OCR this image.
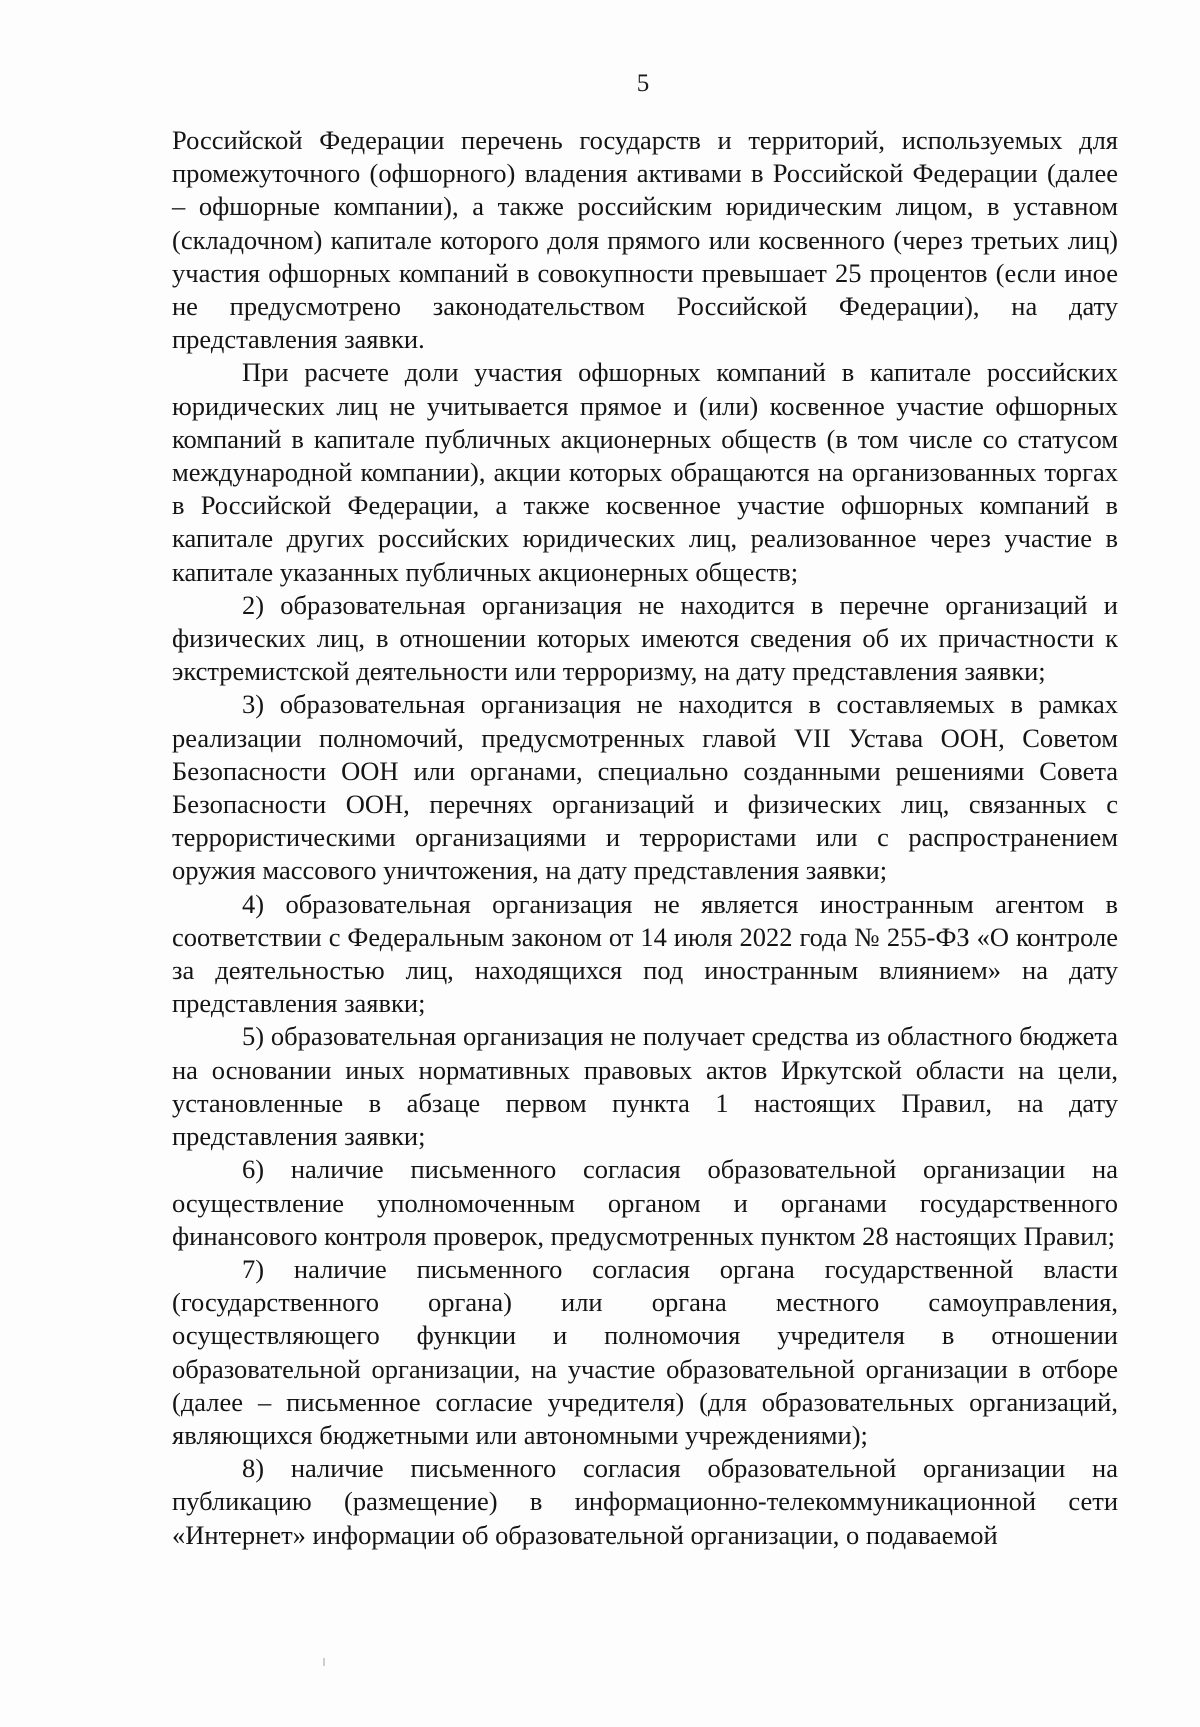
5

Российской Федерации перечень государств и территорий, используемых для промежуточного (офшорного) владения активами в Российской Федерации (далее – офшорные компании), а также российским юридическим лицом, в уставном (складочном) капитале которого доля прямого или косвенного (через третьих лиц) участия офшорных компаний в совокупности превышает 25 процентов (если иное не предусмотрено законодательством Российской Федерации), на дату представления заявки.

При расчете доли участия офшорных компаний в капитале российских юридических лиц не учитывается прямое и (или) косвенное участие офшорных компаний в капитале публичных акционерных обществ (в том числе со статусом международной компании), акции которых обращаются на организованных торгах в Российской Федерации, а также косвенное участие офшорных компаний в капитале других российских юридических лиц, реализованное через участие в капитале указанных публичных акционерных обществ;

2) образовательная организация не находится в перечне организаций и физических лиц, в отношении которых имеются сведения об их причастности к экстремистской деятельности или терроризму, на дату представления заявки;

3) образовательная организация не находится в составляемых в рамках реализации полномочий, предусмотренных главой VII Устава ООН, Советом Безопасности ООН или органами, специально созданными решениями Совета Безопасности ООН, перечнях организаций и физических лиц, связанных с террористическими организациями и террористами или с распространением оружия массового уничтожения, на дату представления заявки;

4) образовательная организация не является иностранным агентом в соответствии с Федеральным законом от 14 июля 2022 года № 255-ФЗ «О контроле за деятельностью лиц, находящихся под иностранным влиянием» на дату представления заявки;

5) образовательная организация не получает средства из областного бюджета на основании иных нормативных правовых актов Иркутской области на цели, установленные в абзаце первом пункта 1 настоящих Правил, на дату представления заявки;

6) наличие письменного согласия образовательной организации на осуществление уполномоченным органом и органами государственного финансового контроля проверок, предусмотренных пунктом 28 настоящих Правил;

7) наличие письменного согласия органа государственной власти (государственного органа) или органа местного самоуправления, осуществляющего функции и полномочия учредителя в отношении образовательной организации, на участие образовательной организации в отборе (далее – письменное согласие учредителя) (для образовательных организаций, являющихся бюджетными или автономными учреждениями);

8) наличие письменного согласия образовательной организации на публикацию (размещение) в информационно-телекоммуникационной сети «Интернет» информации об образовательной организации, о подаваемой
